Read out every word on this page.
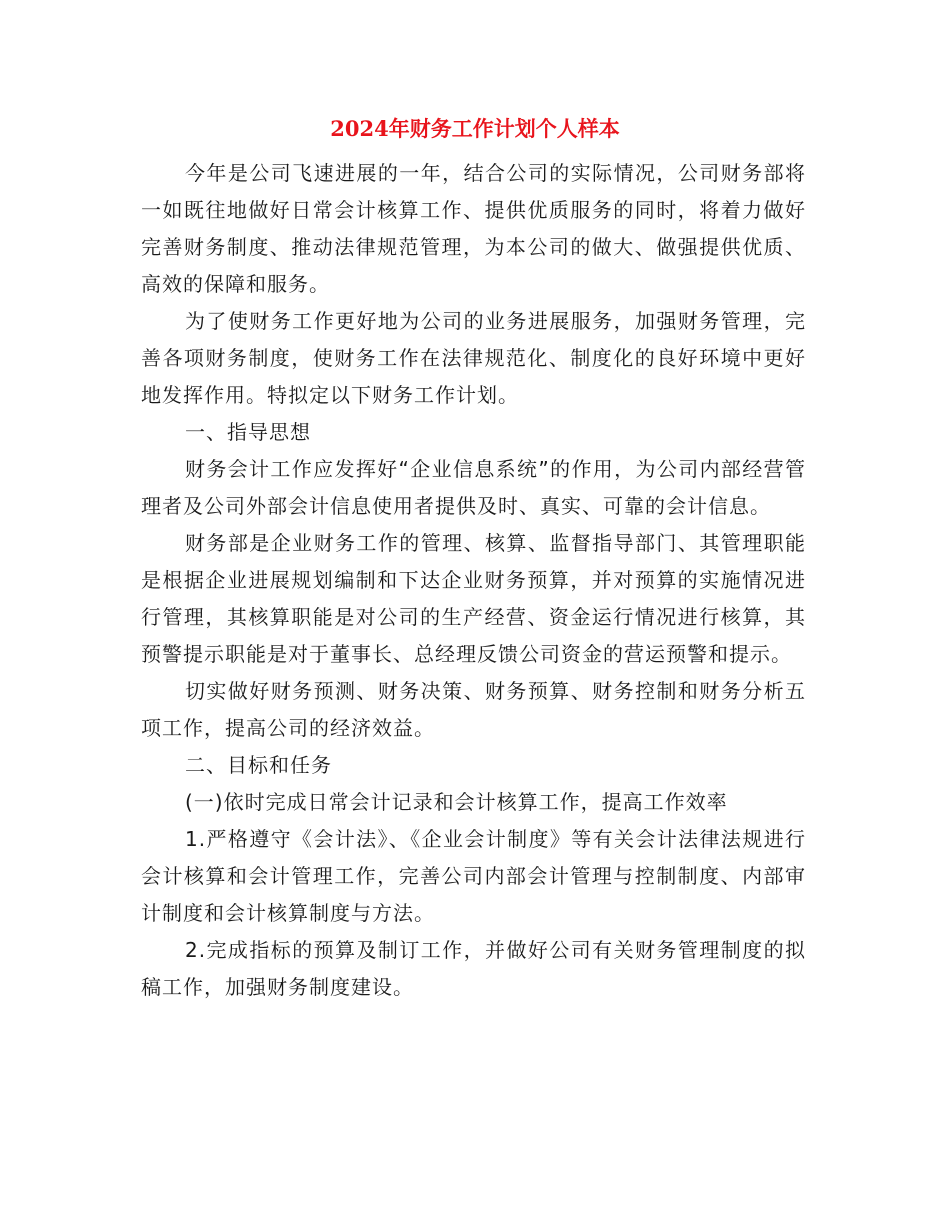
2024年财务工作计划个人样本

今年是公司飞速进展的一年，结合公司的实际情况，公司财务部将一如既往地做好日常会计核算工作、提供优质服务的同时，将着力做好完善财务制度、推动法律规范管理，为本公司的做大、做强提供优质、高效的保障和服务。

为了使财务工作更好地为公司的业务进展服务，加强财务管理，完善各项财务制度，使财务工作在法律规范化、制度化的良好环境中更好地发挥作用。特拟定以下财务工作计划。

一、指导思想

财务会计工作应发挥好“企业信息系统”的作用，为公司内部经营管理者及公司外部会计信息使用者提供及时、真实、可靠的会计信息。

财务部是企业财务工作的管理、核算、监督指导部门、其管理职能是根据企业进展规划编制和下达企业财务预算，并对预算的实施情况进行管理，其核算职能是对公司的生产经营、资金运行情况进行核算，其预警提示职能是对于董事长、总经理反馈公司资金的营运预警和提示。

切实做好财务预测、财务决策、财务预算、财务控制和财务分析五项工作，提高公司的经济效益。

二、目标和任务

(一)依时完成日常会计记录和会计核算工作，提高工作效率

1.严格遵守《会计法》、《企业会计制度》等有关会计法律法规进行会计核算和会计管理工作，完善公司内部会计管理与控制制度、内部审计制度和会计核算制度与方法。

2.完成指标的预算及制订工作，并做好公司有关财务管理制度的拟稿工作，加强财务制度建设。
